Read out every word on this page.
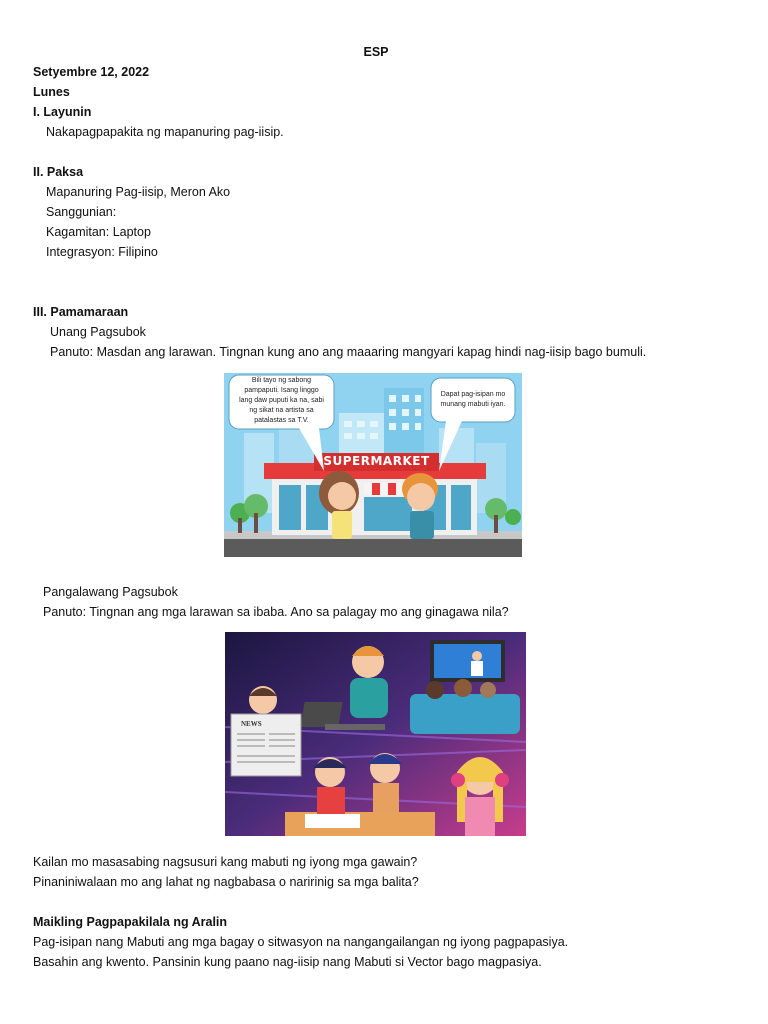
ESP
Setyembre 12, 2022
Lunes
I. Layunin
Nakapagpapakita ng mapanuring pag-iisip.
II. Paksa
Mapanuring Pag-iisip, Meron Ako
Sanggunian:
Kagamitan: Laptop
Integrasyon: Filipino
III. Pamamaraan
Unang Pagsubok
Panuto: Masdan ang larawan. Tingnan kung ano ang maaaring mangyari kapag hindi nag-iisip bago bumuli.
SUPERMARKET
Bili tayo ng sabong
pampaputi. Isang linggo
lang daw puputi ka na, sabi
ng sikat na artista sa
patalastas sa T.V.
Dapat pag-isipan mo
munang mabuti iyan.
Pangalawang Pagsubok
Panuto: Tingnan ang mga larawan sa ibaba. Ano sa palagay mo ang ginagawa nila?
NEWS
Kailan mo masasabing nagsusuri kang mabuti ng iyong mga gawain?
Pinaniniwalaan mo ang lahat ng nagbabasa o naririnig sa mga balita?
Maikling Pagpapakilala ng Aralin
Pag-isipan nang Mabuti ang mga bagay o sitwasyon na nangangailangan ng iyong pagpapasiya.
Basahin ang kwento. Pansinin kung paano nag-iisip nang Mabuti si Vector bago magpasiya.
